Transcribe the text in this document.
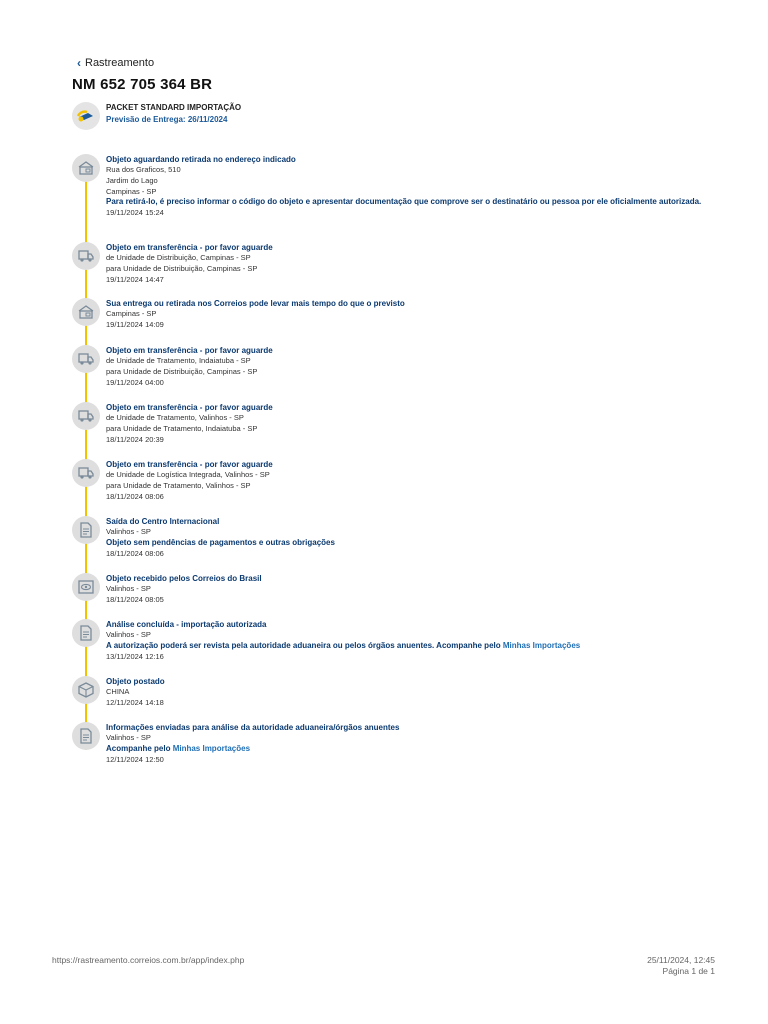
‹ Rastreamento
NM 652 705 364 BR
PACKET STANDARD IMPORTAÇÃO
Previsão de Entrega: 26/11/2024
Objeto aguardando retirada no endereço indicado
Rua dos Graficos, 510
Jardim do Lago
Campinas - SP
Para retirá-lo, é preciso informar o código do objeto e apresentar documentação que comprove ser o destinatário ou pessoa por ele oficialmente autorizada.
19/11/2024 15:24
Objeto em transferência - por favor aguarde
de Unidade de Distribuição, Campinas - SP
para Unidade de Distribuição, Campinas - SP
19/11/2024 14:47
Sua entrega ou retirada nos Correios pode levar mais tempo do que o previsto
Campinas - SP
19/11/2024 14:09
Objeto em transferência - por favor aguarde
de Unidade de Tratamento, Indaiatuba - SP
para Unidade de Distribuição, Campinas - SP
19/11/2024 04:00
Objeto em transferência - por favor aguarde
de Unidade de Tratamento, Valinhos - SP
para Unidade de Tratamento, Indaiatuba - SP
18/11/2024 20:39
Objeto em transferência - por favor aguarde
de Unidade de Logística Integrada, Valinhos - SP
para Unidade de Tratamento, Valinhos - SP
18/11/2024 08:06
Saída do Centro Internacional
Valinhos - SP
Objeto sem pendências de pagamentos e outras obrigações
18/11/2024 08:06
Objeto recebido pelos Correios do Brasil
Valinhos - SP
18/11/2024 08:05
Análise concluída - importação autorizada
Valinhos - SP
A autorização poderá ser revista pela autoridade aduaneira ou pelos órgãos anuentes. Acompanhe pelo Minhas Importações
13/11/2024 12:16
Objeto postado
CHINA
12/11/2024 14:18
Informações enviadas para análise da autoridade aduaneira/órgãos anuentes
Valinhos - SP
Acompanhe pelo Minhas Importações
12/11/2024 12:50
https://rastreamento.correios.com.br/app/index.php	25/11/2024, 12:45
Página 1 de 1
